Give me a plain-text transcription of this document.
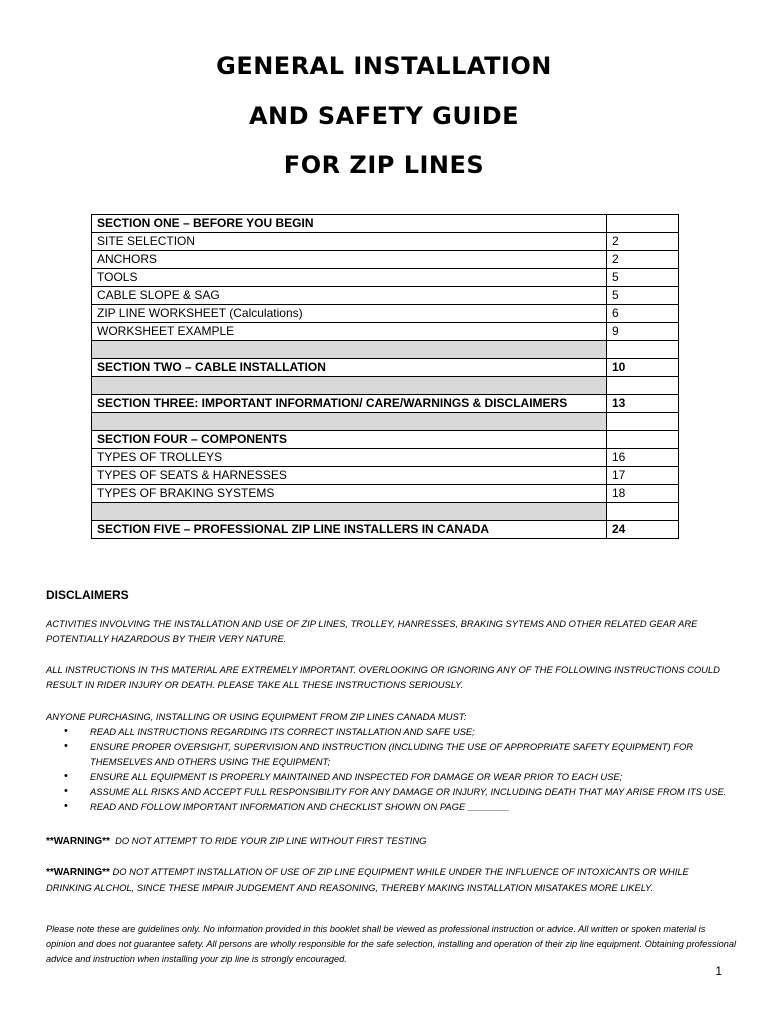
GENERAL INSTALLATION
AND SAFETY GUIDE
FOR ZIP LINES
SECTION ONE – BEFORE YOU BEGIN	
SITE SELECTION	2
ANCHORS	2
TOOLS	5
CABLE SLOPE & SAG	5
ZIP LINE WORKSHEET (Calculations)	6
WORKSHEET EXAMPLE	9

SECTION TWO – CABLE INSTALLATION	10

SECTION THREE: IMPORTANT INFORMATION/ CARE/WARNINGS & DISCLAIMERS	13

SECTION FOUR – COMPONENTS	
TYPES OF TROLLEYS	16
TYPES OF SEATS & HARNESSES	17
TYPES OF BRAKING SYSTEMS	18

SECTION FIVE – PROFESSIONAL ZIP LINE INSTALLERS IN CANADA	24

DISCLAIMERS

ACTIVITIES INVOLVING THE INSTALLATION AND USE OF ZIP LINES, TROLLEY, HANRESSES, BRAKING SYTEMS AND OTHER RELATED GEAR ARE POTENTIALLY HAZARDOUS BY THEIR VERY NATURE.

ALL INSTRUCTIONS IN THS MATERIAL ARE EXTREMELY IMPORTANT. OVERLOOKING OR IGNORING ANY OF THE FOLLOWING INSTRUCTIONS COULD RESULT IN RIDER INJURY OR DEATH. PLEASE TAKE ALL THESE INSTRUCTIONS SERIOUSLY.

ANYONE PURCHASING, INSTALLING OR USING EQUIPMENT FROM ZIP LINES CANADA MUST:

• READ ALL INSTRUCTIONS REGARDING ITS CORRECT INSTALLATION AND SAFE USE;
• ENSURE PROPER OVERSIGHT, SUPERVISION AND INSTRUCTION (INCLUDING THE USE OF APPROPRIATE SAFETY EQUIPMENT) FOR THEMSELVES AND OTHERS USING THE EQUIPMENT;
• ENSURE ALL EQUIPMENT IS PROPERLY MAINTAINED AND INSPECTED FOR DAMAGE OR WEAR PRIOR TO EACH USE;
• ASSUME ALL RISKS AND ACCEPT FULL RESPONSIBILITY FOR ANY DAMAGE OR INJURY, INCLUDING DEATH THAT MAY ARISE FROM ITS USE.
• READ AND FOLLOW IMPORTANT INFORMATION AND CHECKLIST SHOWN ON PAGE ________

**WARNING** DO NOT ATTEMPT TO RIDE YOUR ZIP LINE WITHOUT FIRST TESTING

**WARNING** DO NOT ATTEMPT INSTALLATION OF USE OF ZIP LINE EQUIPMENT WHILE UNDER THE INFLUENCE OF INTOXICANTS OR WHILE DRINKING ALCHOL, SINCE THESE IMPAIR JUDGEMENT AND REASONING, THEREBY MAKING INSTALLATION MISATAKES MORE LIKELY.

Please note these are guidelines only. No information provided in this booklet shall be viewed as professional instruction or advice. All written or spoken material is opinion and does not guarantee safety. All persons are wholly responsible for the safe selection, installing and operation of their zip line equipment. Obtaining professional advice and instruction when installing your zip line is strongly encouraged.

1
